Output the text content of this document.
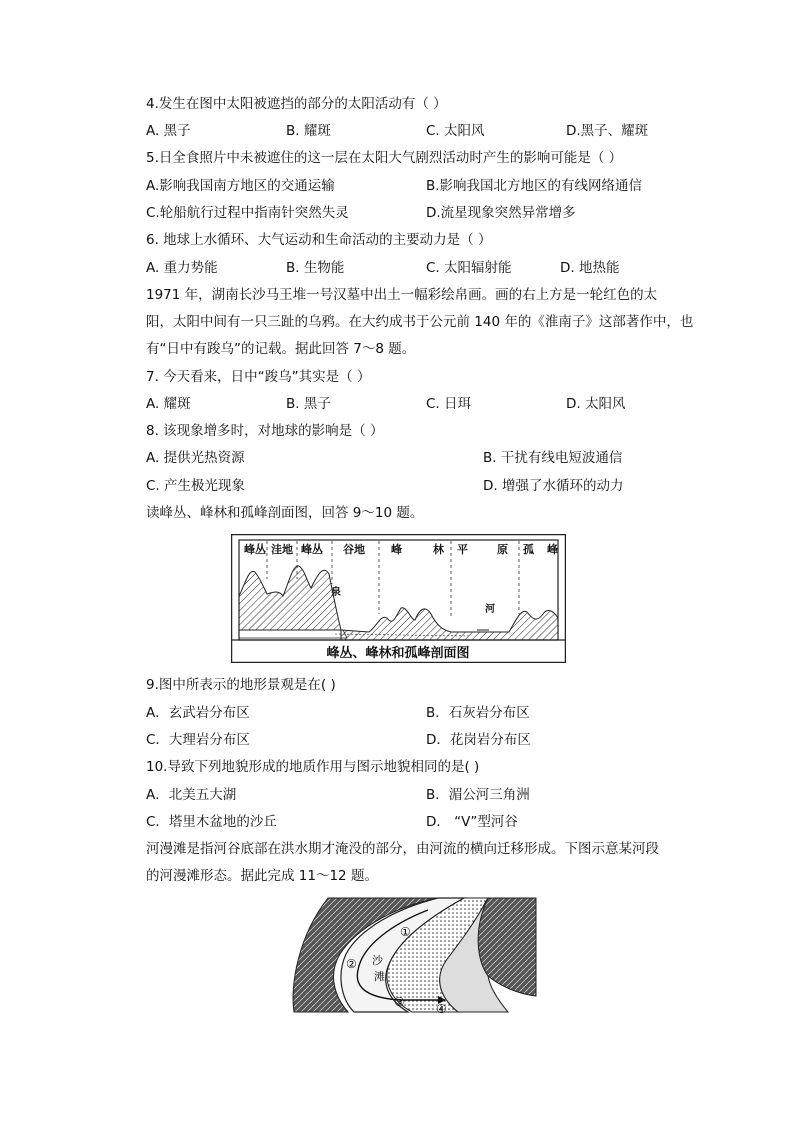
4.发生在图中太阳被遮挡的部分的太阳活动有（ ）
A. 黑子	B. 耀斑	C. 太阳风	D.黑子、耀斑
5.日全食照片中未被遮住的这一层在太阳大气剧烈活动时产生的影响可能是（ ）
A.影响我国南方地区的交通运输	B.影响我国北方地区的有线网络通信
C.轮船航行过程中指南针突然失灵	D.流星现象突然异常增多
6. 地球上水循环、大气运动和生命活动的主要动力是（ ）
A. 重力势能	B. 生物能	C. 太阳辐射能	D. 地热能
1971 年，湖南长沙马王堆一号汉墓中出土一幅彩绘帛画。画的右上方是一轮红色的太
阳，太阳中间有一只三趾的乌鸦。在大约成书于公元前 140 年的《淮南子》这部著作中，也
有“日中有踆乌”的记载。据此回答 7～8 题。
7. 今天看来，日中“踆乌”其实是（ ）
A. 耀斑	B. 黑子	C. 日珥	D. 太阳风
8. 该现象增多时，对地球的影响是（ ）
A. 提供光热资源	B. 干扰有线电短波通信
C. 产生极光现象	D. 增强了水循环的动力
读峰丛、峰林和孤峰剖面图，回答 9～10 题。
峰丛 洼地 峰丛 谷地 峰	林 平	原 孤 峰
泉
河
峰丛、峰林和孤峰剖面图
9.图中所表示的地形景观是在( )
A．玄武岩分布区	B．石灰岩分布区
C．大理岩分布区	D．花岗岩分布区
10.导致下列地貌形成的地质作用与图示地貌相同的是( )
A．北美五大湖	B．湄公河三角洲
C．塔里木盆地的沙丘	D． “V”型河谷
河漫滩是指河谷底部在洪水期才淹没的部分，由河流的横向迁移形成。下图示意某河段
的河漫滩形态。据此完成 11～12 题。
①
②
③	④
沙
滩
